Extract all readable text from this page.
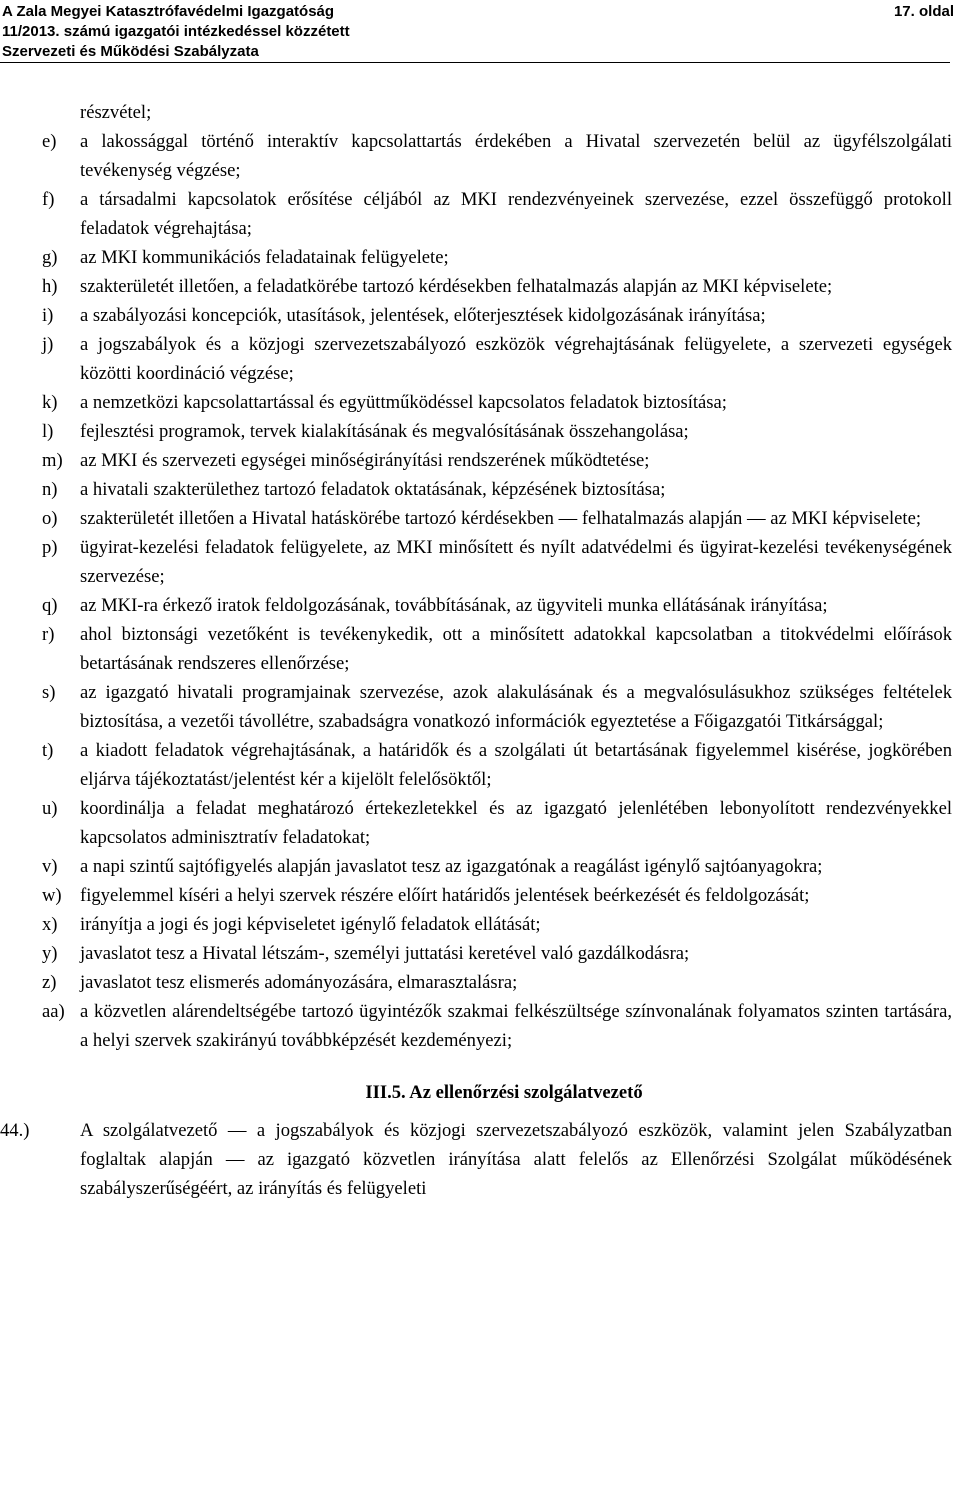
A Zala Megyei Katasztrófavédelmi Igazgatóság	17. oldal
11/2013. számú igazgatói intézkedéssel közzétett
Szervezeti és Működési Szabályzata
részvétel;
e) a lakossággal történő interaktív kapcsolattartás érdekében a Hivatal szervezetén belül az ügyfélszolgálati tevékenység végzése;
f) a társadalmi kapcsolatok erősítése céljából az MKI rendezvényeinek szervezése, ezzel összefüggő protokoll feladatok végrehajtása;
g) az MKI kommunikációs feladatainak felügyelete;
h) szakterületét illetően, a feladatkörébe tartozó kérdésekben felhatalmazás alapján az MKI képviselete;
i) a szabályozási koncepciók, utasítások, jelentések, előterjesztések kidolgozásának irányítása;
j) a jogszabályok és a közjogi szervezetszabályozó eszközök végrehajtásának felügyelete, a szervezeti egységek közötti koordináció végzése;
k) a nemzetközi kapcsolattartással és együttműködéssel kapcsolatos feladatok biztosítása;
l) fejlesztési programok, tervek kialakításának és megvalósításának összehangolása;
m) az MKI és szervezeti egységei minőségirányítási rendszerének működtetése;
n) a hivatali szakterülethez tartozó feladatok oktatásának, képzésének biztosítása;
o) szakterületét illetően a Hivatal hatáskörébe tartozó kérdésekben — felhatalmazás alapján — az MKI képviselete;
p) ügyirat-kezelési feladatok felügyelete, az MKI minősített és nyílt adatvédelmi és ügyirat-kezelési tevékenységének szervezése;
q) az MKI-ra érkező iratok feldolgozásának, továbbításának, az ügyviteli munka ellátásának irányítása;
r) ahol biztonsági vezetőként is tevékenykedik, ott a minősített adatokkal kapcsolatban a titokvédelmi előírások betartásának rendszeres ellenőrzése;
s) az igazgató hivatali programjainak szervezése, azok alakulásának és a megvalósulásukhoz szükséges feltételek biztosítása, a vezetői távollétre, szabadságra vonatkozó információk egyeztetése a Főigazgatói Titkársággal;
t) a kiadott feladatok végrehajtásának, a határidők és a szolgálati út betartásának figyelemmel kisérése, jogkörében eljárva tájékoztatást/jelentést kér a kijelölt felelősöktől;
u) koordinálja a feladat meghatározó értekezletekkel és az igazgató jelenlétében lebonyolított rendezvényekkel kapcsolatos adminisztratív feladatokat;
v) a napi szintű sajtófigyelés alapján javaslatot tesz az igazgatónak a reagálást igénylő sajtóanyagokra;
w) figyelemmel kíséri a helyi szervek részére előírt határidős jelentések beérkezését és feldolgozását;
x) irányítja a jogi és jogi képviseletet igénylő feladatok ellátását;
y) javaslatot tesz a Hivatal létszám-, személyi juttatási keretével való gazdálkodásra;
z) javaslatot tesz elismerés adományozására, elmarasztalásra;
aa) a közvetlen alárendeltségébe tartozó ügyintézők szakmai felkészültsége színvonalának folyamatos szinten tartására, a helyi szervek szakirányú továbbképzését kezdeményezi;
III.5. Az ellenőrzési szolgálatvezető
44.)	A szolgálatvezető — a jogszabályok és közjogi szervezetszabályozó eszközök, valamint jelen Szabályzatban foglaltak alapján — az igazgató közvetlen irányítása alatt felelős az Ellenőrzési Szolgálat működésének szabályszerűségéért, az irányítás és felügyeleti
